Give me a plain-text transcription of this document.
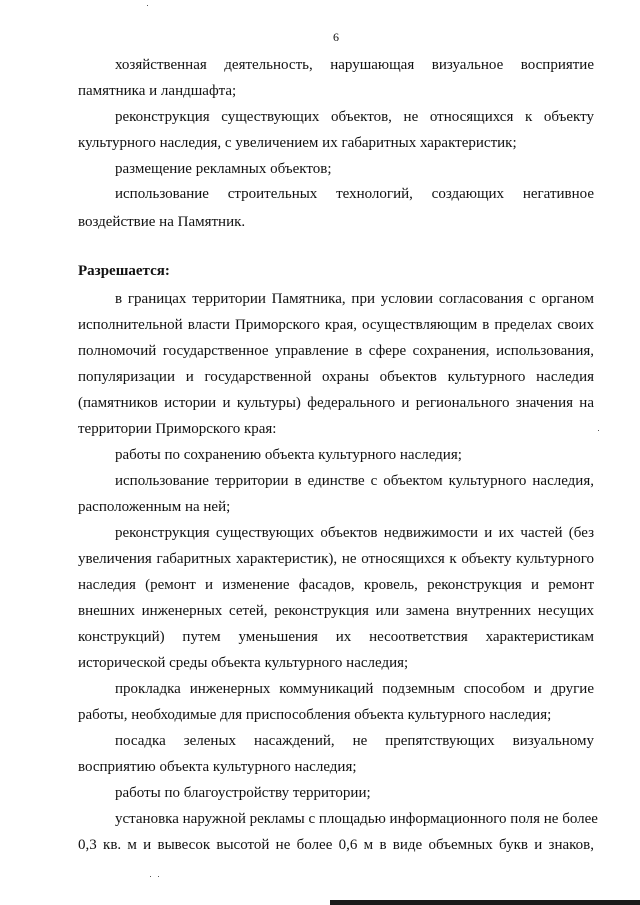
6
хозяйственная деятельность, нарушающая визуальное восприятие
памятника и ландшафта;
реконструкция существующих объектов, не относящихся к объекту
культурного наследия, с увеличением их габаритных характеристик;
размещение рекламных объектов;
использование строительных технологий, создающих негативное
воздействие на Памятник.
Разрешается:
в границах территории Памятника, при условии согласования с органом
исполнительной власти Приморского края, осуществляющим в пределах своих
полномочий государственное управление в сфере сохранения, использования,
популяризации и государственной охраны объектов культурного наследия
(памятников истории и культуры) федерального и регионального значения на
территории Приморского края:
работы по сохранению объекта культурного наследия;
использование территории в единстве с объектом культурного наследия,
расположенным на ней;
реконструкция существующих объектов недвижимости и их частей (без
увеличения габаритных характеристик), не относящихся к объекту культурного
наследия (ремонт и изменение фасадов, кровель, реконструкция и ремонт
внешних инженерных сетей, реконструкция или замена внутренних несущих
конструкций) путем уменьшения их несоответствия характеристикам
исторической среды объекта культурного наследия;
прокладка инженерных коммуникаций подземным способом и другие
работы, необходимые для приспособления объекта культурного наследия;
посадка зеленых насаждений, не препятствующих визуальному
восприятию объекта культурного наследия;
работы по благоустройству территории;
установка наружной рекламы с площадью информационного поля не более
0,3 кв. м и вывесок высотой не более 0,6 м в виде объемных букв и знаков,
